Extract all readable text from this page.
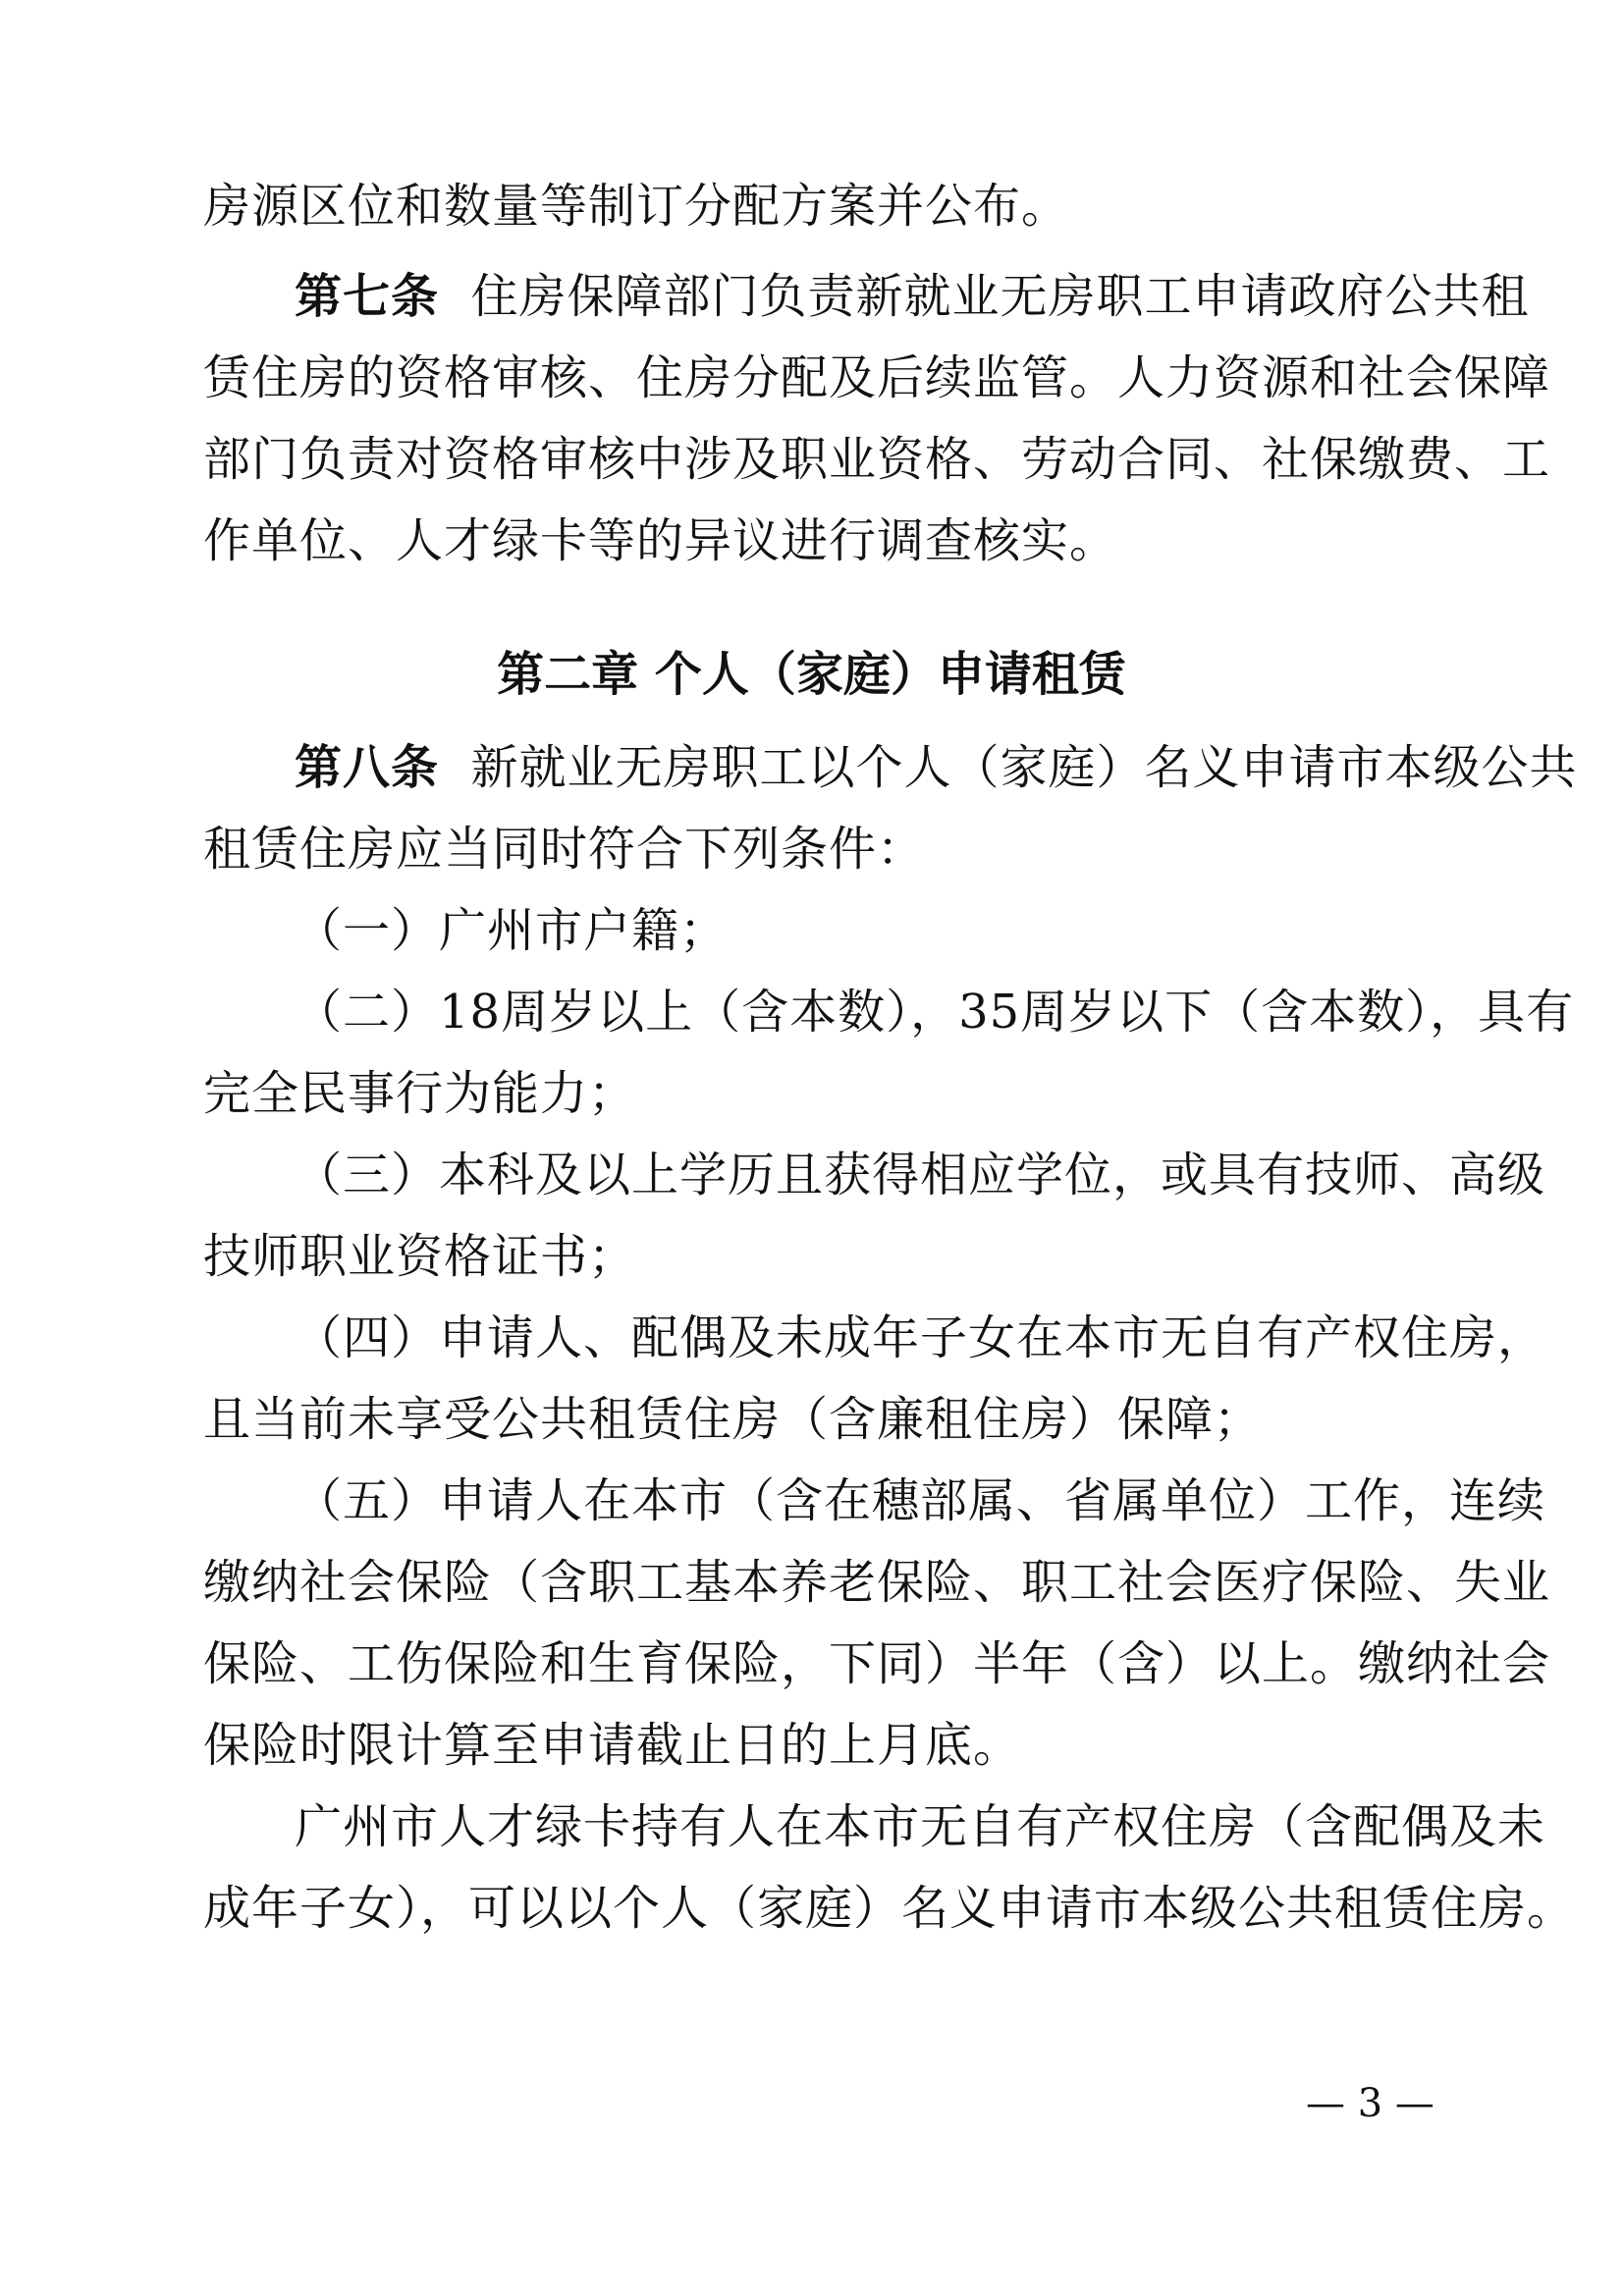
房源区位和数量等制订分配方案并公布。
第七条 住房保障部门负责新就业无房职工申请政府公共租
赁住房的资格审核、住房分配及后续监管。人力资源和社会保障
部门负责对资格审核中涉及职业资格、劳动合同、社保缴费、工
作单位、人才绿卡等的异议进行调查核实。
第二章 个人（家庭）申请租赁
第八条 新就业无房职工以个人（家庭）名义申请市本级公共
租赁住房应当同时符合下列条件：
（一）广州市户籍；
（二）18周岁以上（含本数），35周岁以下（含本数），具有
完全民事行为能力；
（三）本科及以上学历且获得相应学位，或具有技师、高级
技师职业资格证书；
（四）申请人、配偶及未成年子女在本市无自有产权住房，
且当前未享受公共租赁住房（含廉租住房）保障；
（五）申请人在本市（含在穗部属、省属单位）工作，连续
缴纳社会保险（含职工基本养老保险、职工社会医疗保险、失业
保险、工伤保险和生育保险，下同）半年（含）以上。缴纳社会
保险时限计算至申请截止日的上月底。
广州市人才绿卡持有人在本市无自有产权住房（含配偶及未
成年子女），可以以个人（家庭）名义申请市本级公共租赁住房。
— 3 —
